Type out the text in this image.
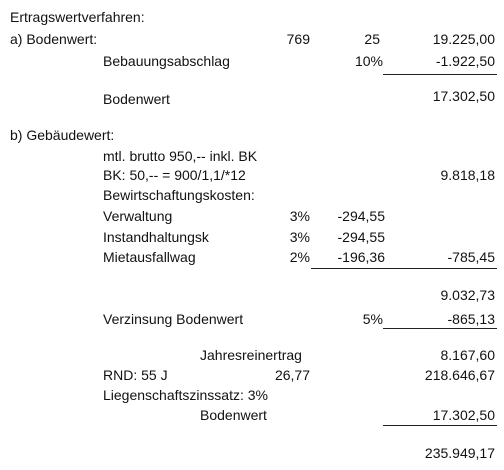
Ertragswertverfahren:
a) Bodenwert:	769	25	19.225,00
Bebauungsabschlag	10%	-1.922,50
Bodenwert	17.302,50
b) Gebäudewert:
mtl. brutto 950,-- inkl. BK
BK: 50,-- = 900/1,1/*12	9.818,18
Bewirtschaftungskosten:
Verwaltung	3%	-294,55
Instandhaltungsk	3%	-294,55
Mietausfallwag	2%	-196,36	-785,45
9.032,73
Verzinsung Bodenwert	5%	-865,13
Jahresreinertrag	8.167,60
RND: 55 J	26,77	218.646,67
Liegenschaftszinssatz: 3%
Bodenwert	17.302,50
235.949,17
